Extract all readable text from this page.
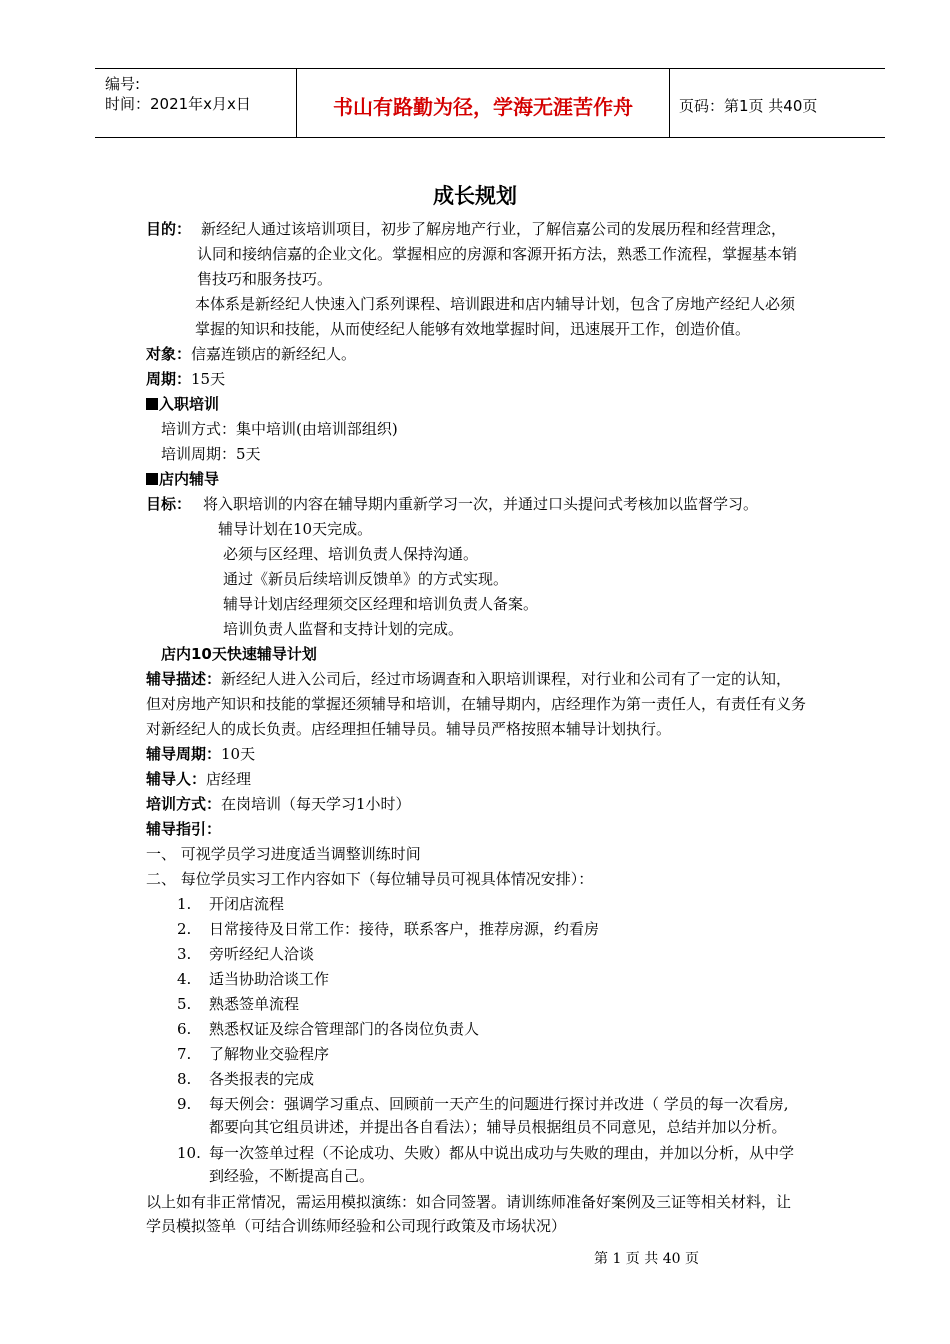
编号:
时间：2021年x月x日	书山有路勤为径，学海无涯苦作舟	页码：第1页 共40页
成长规划
目的： 新经纪人通过该培训项目，初步了解房地产行业，了解信嘉公司的发展历程和经营理念，
认同和接纳信嘉的企业文化。掌握相应的房源和客源开拓方法，熟悉工作流程，掌握基本销
售技巧和服务技巧。
本体系是新经纪人快速入门系列课程、培训跟进和店内辅导计划，包含了房地产经纪人必须
掌握的知识和技能，从而使经纪人能够有效地掌握时间，迅速展开工作，创造价值。
对象：信嘉连锁店的新经纪人。
周期：15天
入职培训
培训方式：集中培训(由培训部组织)
培训周期：5天
店内辅导
目标： 将入职培训的内容在辅导期内重新学习一次，并通过口头提问式考核加以监督学习。
辅导计划在10天完成。
必须与区经理、培训负责人保持沟通。
通过《新员后续培训反馈单》的方式实现。
辅导计划店经理须交区经理和培训负责人备案。
培训负责人监督和支持计划的完成。
店内10天快速辅导计划
辅导描述：新经纪人进入公司后，经过市场调查和入职培训课程，对行业和公司有了一定的认知，
但对房地产知识和技能的掌握还须辅导和培训，在辅导期内，店经理作为第一责任人，有责任有义务
对新经纪人的成长负责。店经理担任辅导员。辅导员严格按照本辅导计划执行。
辅导周期：10天
辅导人：店经理
培训方式：在岗培训（每天学习1小时）
辅导指引：
一、 可视学员学习进度适当调整训练时间
二、 每位学员实习工作内容如下（每位辅导员可视具体情况安排）：
1. 开闭店流程
2. 日常接待及日常工作：接待，联系客户，推荐房源，约看房
3. 旁听经纪人洽谈
4. 适当协助洽谈工作
5. 熟悉签单流程
6. 熟悉权证及综合管理部门的各岗位负责人
7. 了解物业交验程序
8. 各类报表的完成
9. 每天例会：强调学习重点、回顾前一天产生的问题进行探讨并改进（ 学员的每一次看房,
都要向其它组员讲述，并提出各自看法）；辅导员根据组员不同意见，总结并加以分析。
10. 每一次签单过程（不论成功、失败）都从中说出成功与失败的理由，并加以分析，从中学
到经验，不断提高自己。
以上如有非正常情况，需运用模拟演练：如合同签署。请训练师准备好案例及三证等相关材料，让
学员模拟签单（可结合训练师经验和公司现行政策及市场状况）
第 1 页 共 40 页
